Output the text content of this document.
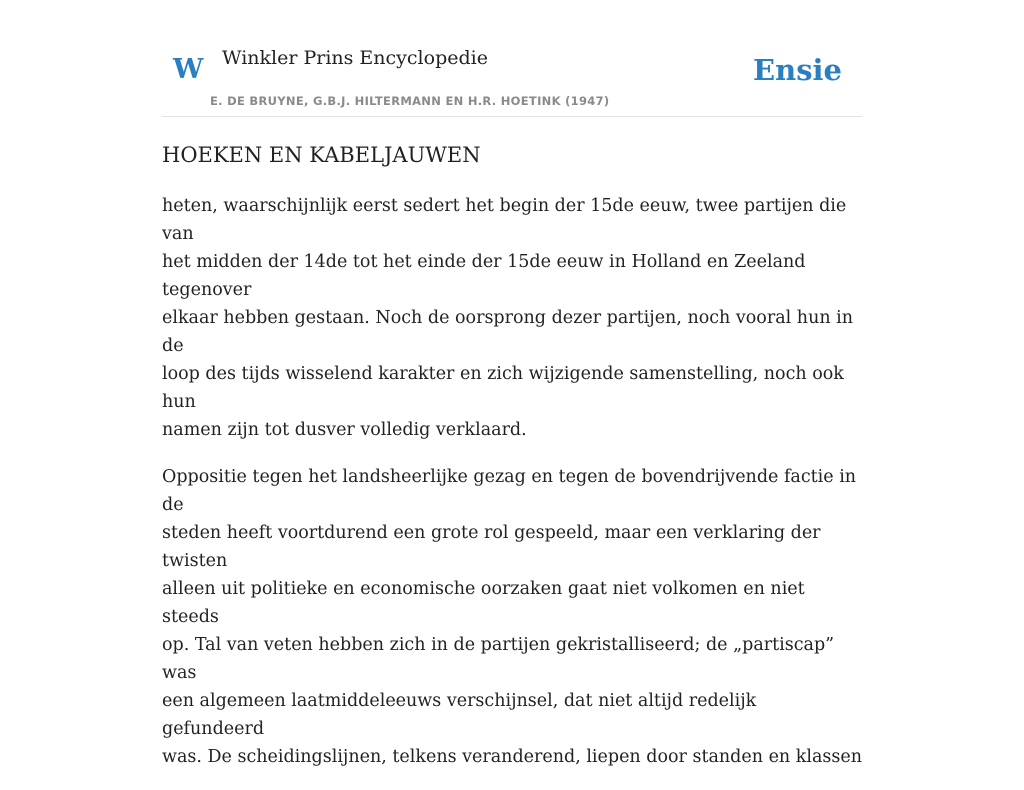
W Winkler Prins Encyclopedie
E. DE BRUYNE, G.B.J. HILTERMANN EN H.R. HOETINK (1947)
Ensie
HOEKEN EN KABELJAUWEN

heten, waarschijnlijk eerst sedert het begin der 15de eeuw, twee partijen die van
het midden der 14de tot het einde der 15de eeuw in Holland en Zeeland tegenover
elkaar hebben gestaan. Noch de oorsprong dezer partijen, noch vooral hun in de
loop des tijds wisselend karakter en zich wijzigende samenstelling, noch ook hun
namen zijn tot dusver volledig verklaard.

Oppositie tegen het landsheerlijke gezag en tegen de bovendrijvende factie in de
steden heeft voortdurend een grote rol gespeeld, maar een verklaring der twisten
alleen uit politieke en economische oorzaken gaat niet volkomen en niet steeds
op. Tal van veten hebben zich in de partijen gekristalliseerd; de „partiscap” was
een algemeen laatmiddeleeuws verschijnsel, dat niet altijd redelijk gefundeerd
was. De scheidingslijnen, telkens veranderend, liepen door standen en klassen
